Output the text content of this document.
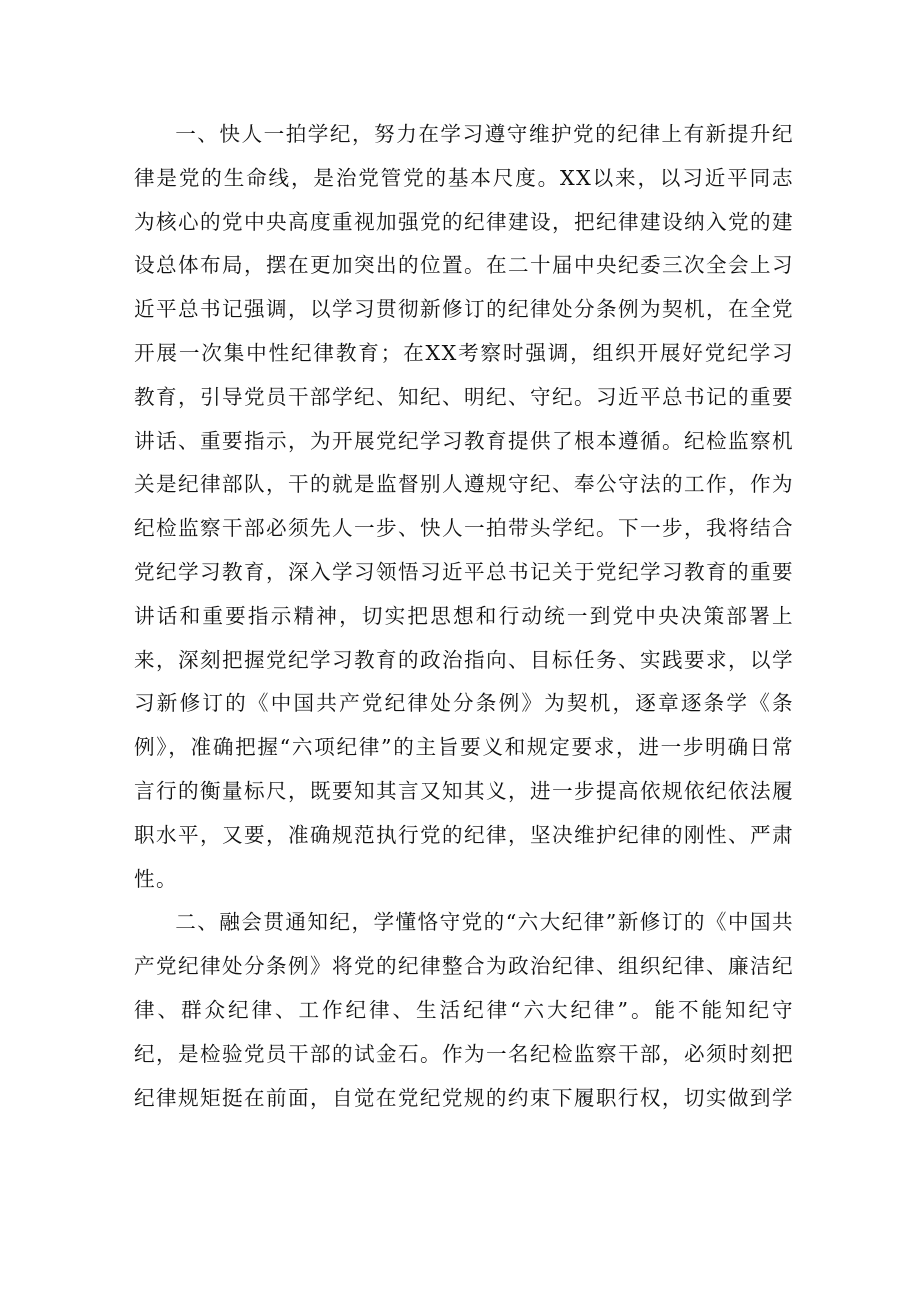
一、快人一拍学纪，努力在学习遵守维护党的纪律上有新提升纪律是党的生命线，是治党管党的基本尺度。XX以来，以习近平同志为核心的党中央高度重视加强党的纪律建设，把纪律建设纳入党的建设总体布局，摆在更加突出的位置。在二十届中央纪委三次全会上习近平总书记强调，以学习贯彻新修订的纪律处分条例为契机，在全党开展一次集中性纪律教育；在XX考察时强调，组织开展好党纪学习教育，引导党员干部学纪、知纪、明纪、守纪。习近平总书记的重要讲话、重要指示，为开展党纪学习教育提供了根本遵循。纪检监察机关是纪律部队，干的就是监督别人遵规守纪、奉公守法的工作，作为纪检监察干部必须先人一步、快人一拍带头学纪。下一步，我将结合党纪学习教育，深入学习领悟习近平总书记关于党纪学习教育的重要讲话和重要指示精神，切实把思想和行动统一到党中央决策部署上来，深刻把握党纪学习教育的政治指向、目标任务、实践要求，以学习新修订的《中国共产党纪律处分条例》为契机，逐章逐条学《条例》，准确把握“六项纪律”的主旨要义和规定要求，进一步明确日常言行的衡量标尺，既要知其言又知其义，进一步提高依规依纪依法履职水平，又要，准确规范执行党的纪律，坚决维护纪律的刚性、严肃性。

二、融会贯通知纪，学懂恪守党的“六大纪律”新修订的《中国共产党纪律处分条例》将党的纪律整合为政治纪律、组织纪律、廉洁纪律、群众纪律、工作纪律、生活纪律“六大纪律”。能不能知纪守纪，是检验党员干部的试金石。作为一名纪检监察干部，必须时刻把纪律规矩挺在前面，自觉在党纪党规的约束下履职行权，切实做到学
